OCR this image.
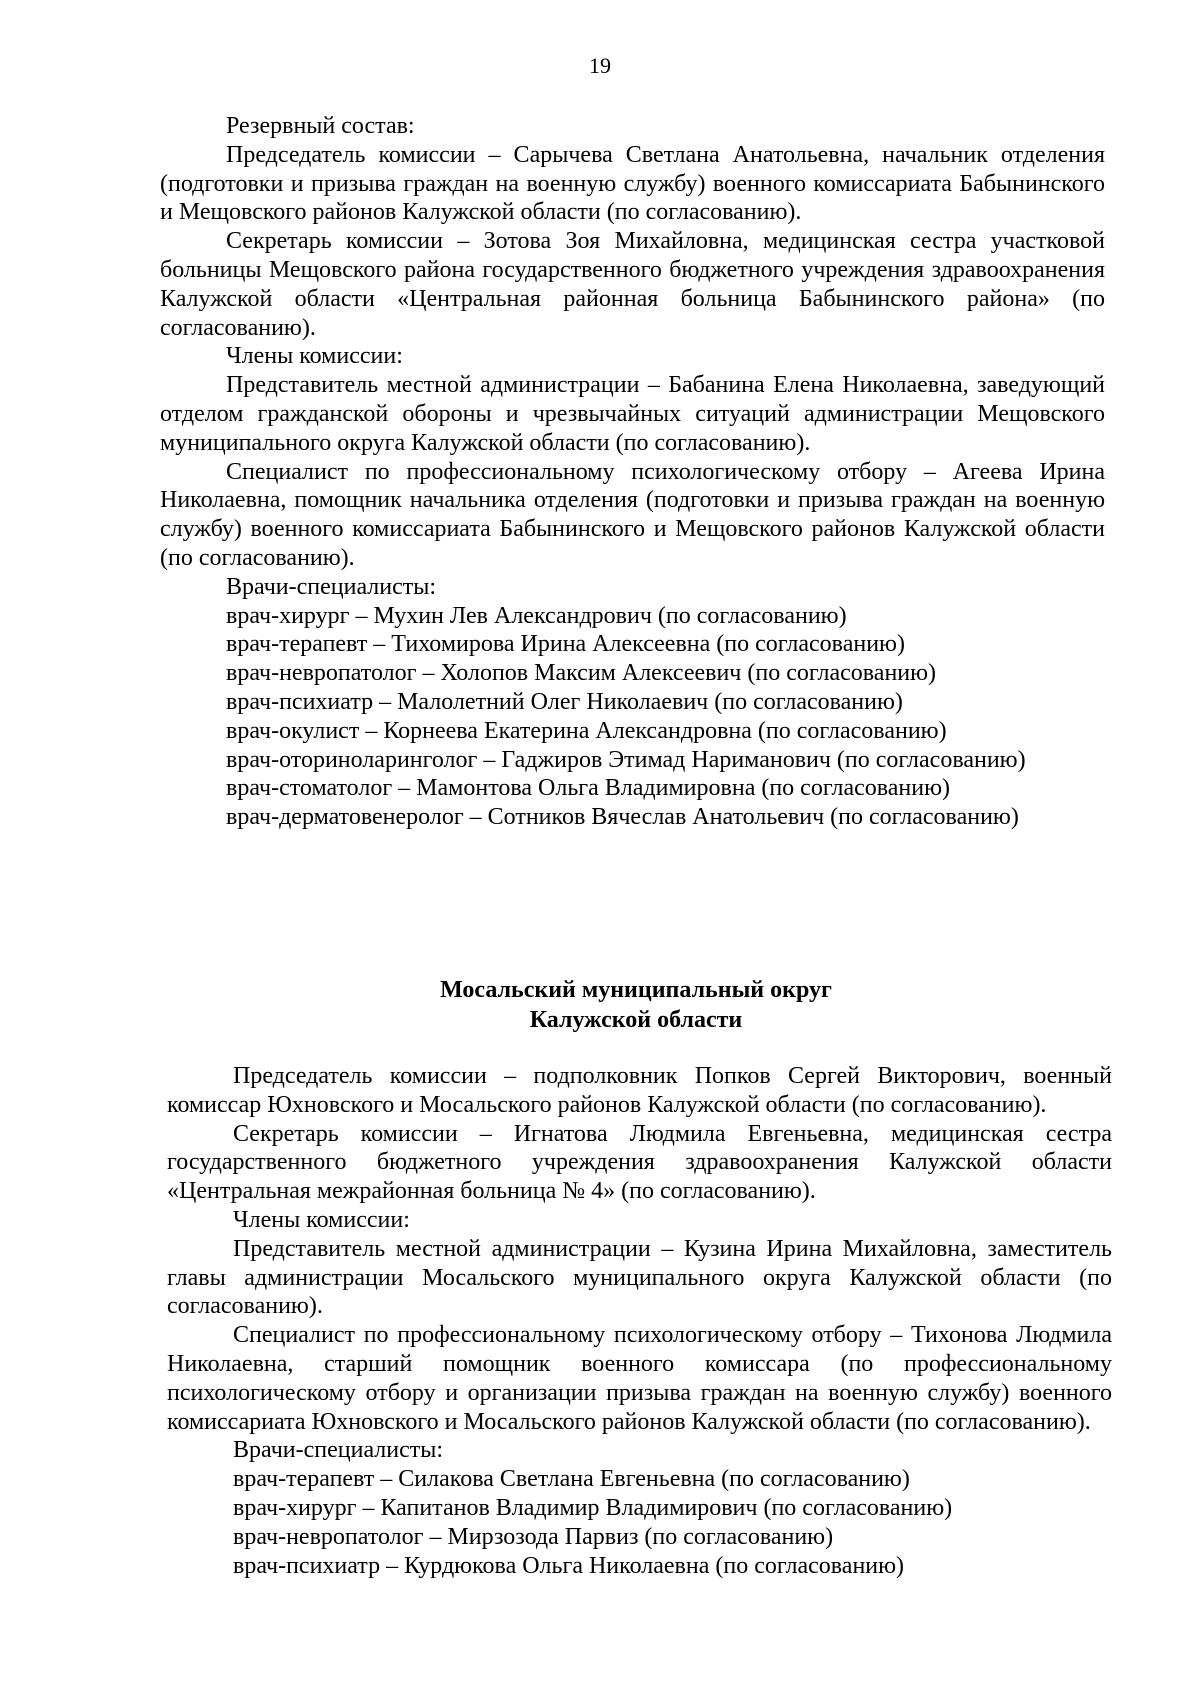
19

Резервный состав:

Председатель комиссии – Сарычева Светлана Анатольевна, начальник отделения (подготовки и призыва граждан на военную службу) военного комиссариата Бабынинского и Мещовского районов Калужской области (по согласованию).

Секретарь комиссии – Зотова Зоя Михайловна, медицинская сестра участковой больницы Мещовского района государственного бюджетного учреждения здравоохранения Калужской области «Центральная районная больница Бабынинского района» (по согласованию).

Члены комиссии:

Представитель местной администрации – Бабанина Елена Николаевна, заведующий отделом гражданской обороны и чрезвычайных ситуаций администрации Мещовского муниципального округа Калужской области (по согласованию).

Специалист по профессиональному психологическому отбору – Агеева Ирина Николаевна, помощник начальника отделения (подготовки и призыва граждан на военную службу) военного комиссариата Бабынинского и Мещовского районов Калужской области (по согласованию).

Врачи-специалисты:

врач-хирург – Мухин Лев Александрович (по согласованию)

врач-терапевт – Тихомирова Ирина Алексеевна (по согласованию)

врач-невропатолог – Холопов Максим Алексеевич (по согласованию)

врач-психиатр – Малолетний Олег Николаевич (по согласованию)

врач-окулист – Корнеева Екатерина Александровна (по согласованию)

врач-оториноларинголог – Гаджиров Этимад Нариманович (по согласованию)

врач-стоматолог – Мамонтова Ольга Владимировна (по согласованию)

врач-дерматовенеролог – Сотников Вячеслав Анатольевич (по согласованию)

Мосальский муниципальный округ
Калужской области

Председатель комиссии – подполковник Попков Сергей Викторович, военный комиссар Юхновского и Мосальского районов Калужской области (по согласованию).

Секретарь комиссии – Игнатова Людмила Евгеньевна, медицинская сестра государственного бюджетного учреждения здравоохранения Калужской области «Центральная межрайонная больница № 4» (по согласованию).

Члены комиссии:

Представитель местной администрации – Кузина Ирина Михайловна, заместитель главы администрации Мосальского муниципального округа Калужской области (по согласованию).

Специалист по профессиональному психологическому отбору – Тихонова Людмила Николаевна, старший помощник военного комиссара (по профессиональному психологическому отбору и организации призыва граждан на военную службу) военного комиссариата Юхновского и Мосальского районов Калужской области (по согласованию).

Врачи-специалисты:

врач-терапевт – Силакова Светлана Евгеньевна (по согласованию)

врач-хирург – Капитанов Владимир Владимирович (по согласованию)

врач-невропатолог – Мирзозода Парвиз (по согласованию)

врач-психиатр – Курдюкова Ольга Николаевна (по согласованию)
